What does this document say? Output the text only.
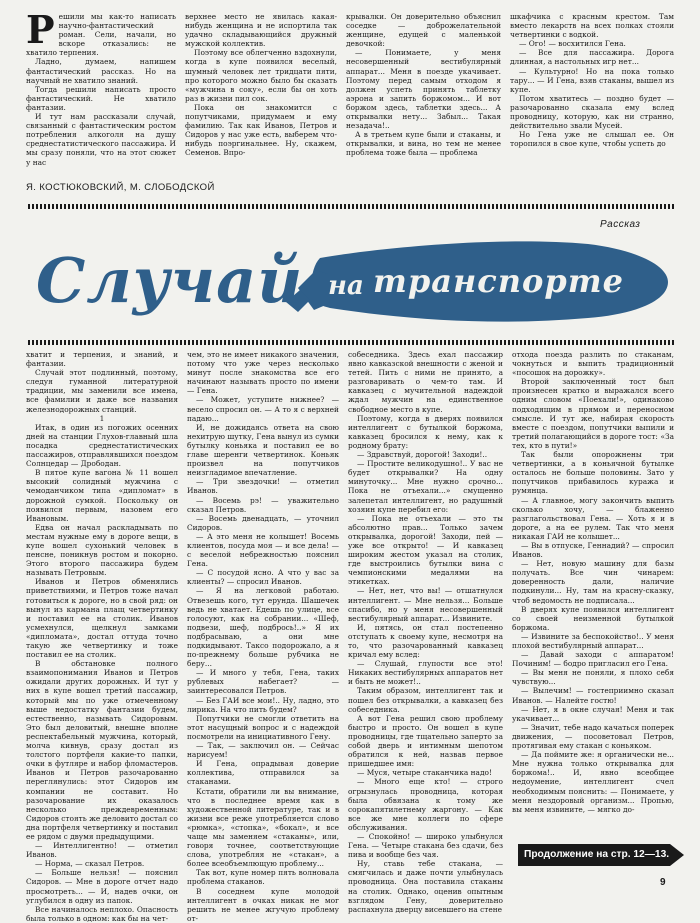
Р ешили мы как-то написать научно-фантастический роман. Сели, начали, но вскоре отказались: не хватило терпения.

Ладно, думаем, напишем фантастический рассказ. Но на научный не хватило знаний.

Тогда решили написать просто фантастический. Не хватило фантазии.

И тут нам рассказали случай, связанный с фантастическим ростом потребления алкоголя на душу среднестатистического пассажира. И мы сразу поняли, что на этот сюжет у нас

верхнее место не явилась какая-нибудь женщина и не испортила так удачно складывающийся дружный мужской коллектив.

Поэтому все облегченно вздохнули, когда в купе появился веселый, шумный человек лет тридцати пяти, про которого можно было бы сказать «мужчина в соку», если бы он хоть раз в жизни пил сок.

Пока он знакомится с попутчиками, придумаем и ему фамилию. Так как Иванов, Петров и Сидоров у нас уже есть, выберем что-нибудь поэргинальнее. Ну, скажем, Семенов. Впро-

крывалки. Он доверительно объяснил соседке — доброжелательной женщине, едущей с маленькой девочкой:

— Понимаете, у меня несовершенный вестибулярный аппарат... Меня в поезде укачивает. Поэтому перед самым отходом я должен успеть принять таблетку аэрона и запить боржомом... И вот боржом здесь, таблетки здесь... А открывалки нету... Забыл... Такая незадача!..

А в третьем купе были и стаканы, и открывалки, и вина, но тем не менее проблема тоже была — проблема

шкафчика с красным крестом. Там вместо лекарств на всех полках стояли четвертинки с водкой.

— Ого! — восхитился Гена.

— Все для пассажира. Дорога длинная, а настольных игр нет...

— Культурно! Но на пока только тару... — И Гена, взяв стаканы, вышел из купе.

Потом хватитесь — поздно будет — разочарованно сказала ему вслед проводницу, которую, как ни странно, действительно звали Мусей.

Но Гена уже не слышал ее. Он торопился в свое купе, чтобы успеть до

Я. КОСТЮКОВСКИЙ, М. СЛОБОДСКОЙ
Рассказ
Случай на транспорте

хватит и терпения, и знаний, и фантазии.

Случай этот подлинный, поэтому, следуя гуманной литературной традиции, мы заменили все имена, все фамилии и даже все названия железнодорожных станций.

1

Итак, в один из погожих осенних дней на станции Глухов-главный шла посадка среднестатистических пассажиров, отправлявшихся поездом Солнцедар — Дрободан.

В пятое купе вагона № 11 вошел высокий солидный мужчина с чемоданчиком типа «дипломат» в дорожной сумкой. Поскольку он появился первым, назовем его Ивановым.

Едва он начал раскладывать по местам нужные ему в дороге вещи, в купе вошел сухонький человек в пенсне, поникнув ростом и покорно. Этого второго пассажира будем называть Петровым.

Иванов и Петров обменялись приветствиями, и Петров тоже начал готовиться к дороге, но в свой ряд: он вынул из кармана плащ четвертинку и поставил ее на столик. Иванов усмехнулся, щелкнул замками «дипломата», достал оттуда точно такую же четвертинку и тоже поставил ее на столик.

В обстановке полного взаимопонимания Иванов и Петров ожидали других дорожных. И тут у них в купе вошел третий пассажир, который мы по уже отмеченному выше недостатку фантазии будем, естественно, называть Сидоровым. Это был деловитый, внешне вполне респектабельный мужчина, который, молча кивнув, сразу достал из толстого портфеля какие-то папки, очки в футляре и набор фломастеров. Иванов и Петров разочарованно переглянулись: этот Сидоров им компании не составит. Но разочарование их оказалось несколько преждевременным: Сидоров стоять же деловито достал со дна портфеля четвертинку и поставил ее рядом с двумя предыдущими.

— Интеллигентно! — отметил Иванов.

— Норма, — сказал Петров.

— Больше нельзя! — пояснил Сидоров. — Мне в дороге отчет надо просмотреть... — И, надев очки, он углубился в одну из папок.

Все начиналось неплохо. Опасность была только в одном: как бы на чет-

чем, это не имеет никакого значения, потому что уже через несколько минут после знакомства все его начинают называть просто по имени — Гена.

— Может, уступите нижнее? — весело спросил он. — А то я с верхней падаю...

И, не дожидаясь ответа на свою нехитрую шутку, Гена вынул из сумки бутылку коньяка и поставил ее во главе шеренги четвертинок. Коньяк произвел на попутчиков неизгладимое впечатление.

— Три звездочки! — отметил Иванов.

— Восемь рэ! — уважительно сказал Петров.

— Восемь двенадцать, — уточнил Сидоров.

— А это меня не колышет! Восемь клиентов, посуда моя — и все дела! — с веселой небрежностью пояснил Гена.

— С посудой ясно. А что у вас за клиенты? — спросил Иванов.

— Я на легковой работаю. Отвезешь кого, тут ерунда. Шашечек ведь не хватает. Едешь по улице, все голосуют, как на собрании... «Шеф, подвези, шеф, подбрось!..» Я их подбрасываю, а они мне подкидывают. Таксо подорожало, а я по-прежнему больше рубчика не беру...

— И много у тебя, Гена, таких рублевых набегает? — заинтересовался Петров.

— Без ГАИ все мои!.. Ну, ладно, это лирика. На что пить будем?

Попутчики не смогли ответить на этот насущный вопрос и с надеждой посмотрели на инициативного Гену.

— Так, — заключил он. — Сейчас нарисуем!

И Гена, опрадывая доверие коллектива, отправился за стаканами.

Кстати, обратили ли вы внимание, что в последнее время как в художественной литературе, так и в жизни все реже употребляется слово «рюмка», «стопка», «бокал», и все чаще мы заменяем «стаканы», или, говоря точнее, соответствующие слова, употребляя не «стакан», а более всеобъемлющую проблему...

Так вот, купе номер пять волновала проблема стаканов.

В соседнем купе молодой интеллигент в очках никак не мог решить не менее жгучую проблему от-

собеседника. Здесь ехал пассажир явно кавказской внешности с женой и тетей. Пить с ними не принято, а разговаривать о чем-то там. И кавказец с мучительной надеждой ждал мужчин на единственное свободное место в купе.

Поэтому, когда в дверях появился интеллигент с бутылкой боржома, кавказец бросился к нему, как к родному брату:

— Здравствуй, дорогой! Заходи!..

— Простите великодушно!.. У вас не будет открывалки? На одну минуточку... Мне нужно срочно... Пока не отъехали...» смущенно залепетал интеллигент, но радушный хозяин купе перебил его:

— Пока не отъехали — это ты абсолютно прав... Только зачем открывалка, дорогой! Заходи, пей — уже все открыто! — И кавказец широким жестом указал на столик, где выстроились бутылки вина с чемпионскими медалями на этикетках.

— Нет, нет, что вы! — отшатнулся интеллигент. — Мне нельзя... Больше спасибо, но у меня несовершенный вестибулярный аппарат... Извините.

И, пятясь, он стал постепенно отступать к своему купе, несмотря на то, что разочарованный кавказец кричал ему вслед:

— Слушай, глупости все это! Никаких вестибулярных аппаратов нет и быть не может!..

Таким образом, интеллигент так и пошел без открывалки, а кавказец без собеседника.

А вот Гена решил свою проблему быстро и просто. Он вошел в купе проводницы, где тщательно заперто за собой дверь и интимным шепотом обратился к ней, назвав первое пришедшее имя:

— Муся, четыре стаканчика надо!

— Много еще кто! — строго огрызнулась проводница, которая была обвязана к тому же сорокапятилетнему жаргону. — Как все же мне коллеги по сфере обслуживания.

— Спокойно! — широко улыбнулся Гена. — Четыре стакана без сдачи, без пива и вообще без чая.

Ну, ставь тебе стакана, — смягчилась и даже почти улыбнулась проводница. Она поставила стаканы на столик. Однако, оценив опытным взглядом Гену, доверительно распахнула дверцу висевшего на стене

отхода поезда разлить по стаканам, чокнуться и выпить традиционный «посошок на дорожку».

Второй заключенный тост был произнесен кратко и выражался всего одним словом «Поехали!», одинаково подходящим в прямом и переносном смысле. И тут же, набирая скорость вместе с поездом, попутчики выпили и третий полагающийся в дороге тост: «За тех, кто в пути!»

Так были опорожнены три четвертинки, а в коньячной бутылке осталось не больше половины. Зато у попутчиков прибавилось куража и румянца.

— А главное, могу закончить выпить сколько хочу, — блаженно разглагольствовал Гена. — Хоть я и в дороге, а на ее рулем. Так что меня никакая ГАИ не колышет...

— Вы в отпуске, Геннадий? — спросил Иванов.

— Нет, новую машину для базы получать. Все чин чинарем: доверенность дали, наличие подкинули... Ну, там на красну-сказку, чтоб ведомость не подписала...

В дверях купе появился интеллигент со своей неизменной бутылкой боржома.

— Извините за беспокойство!.. У меня плохой вестибулярный аппарат...

— Давай заходи с аппаратом! Починим! — бодро пригласил его Гена.

— Вы меня не поняли, я плохо себя чувствую...

— Вылечим! — гостеприимно сказал Иванов. — Налейте гостю!

— Нет, я в окне случая! Меня и так укачивает...

— Значит, тебе надо качаться поперек движения, — посоветовал Петров, протягивая ему стакан с коньяком.

— Да поймите же: я органически не... Мне нужна только открывалка для боржома!.. И, явно всеобщее недоумение, интеллигент счел необходимым пояснить: — Понимаете, у меня нездоровый организм... Пропью, вы меня извините, — мягко до-

Продолжение на стр. 12—13.
9
